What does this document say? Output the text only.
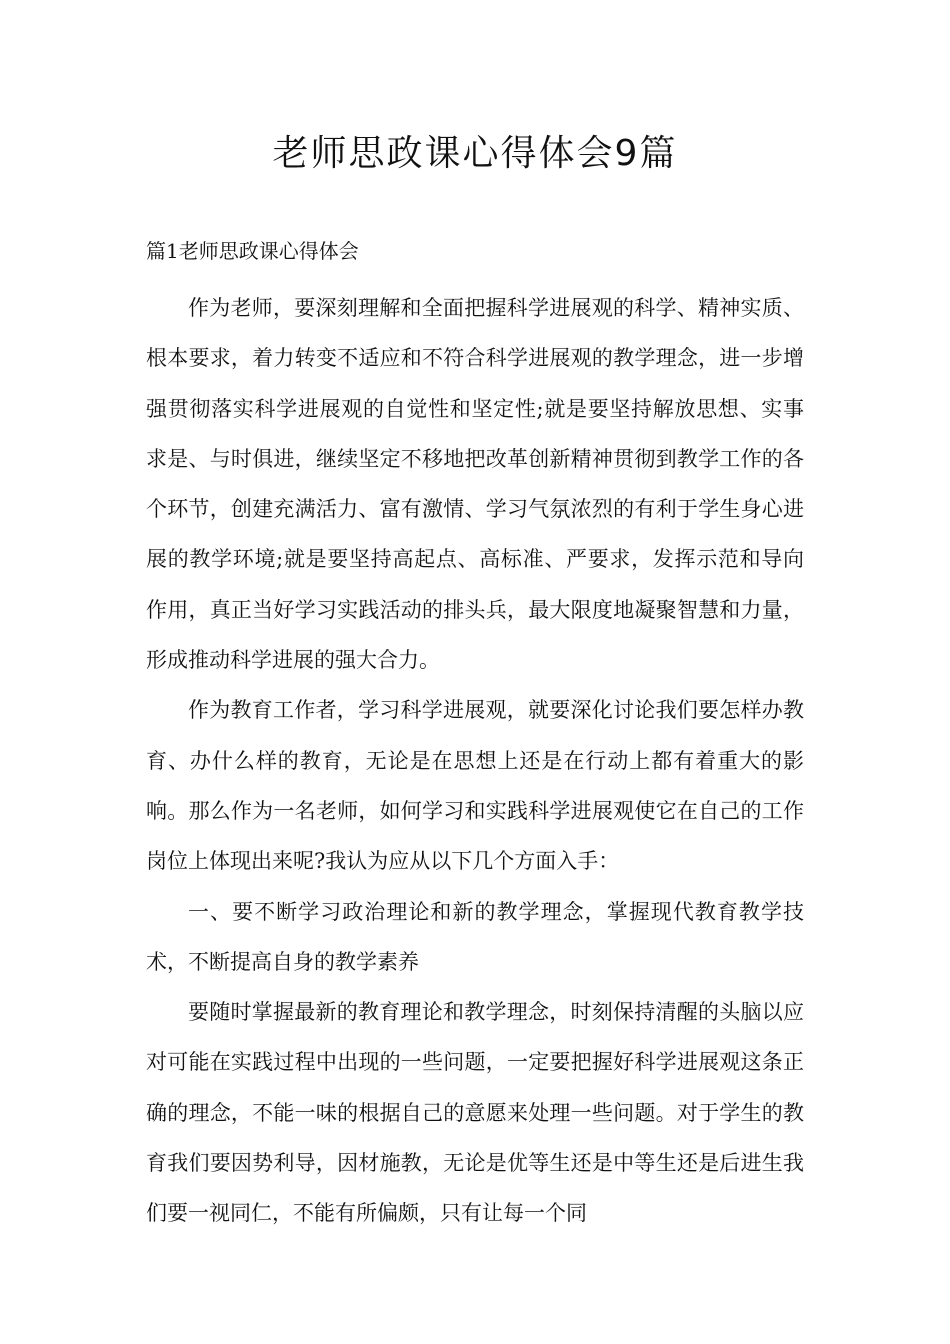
老师思政课心得体会9篇
篇1老师思政课心得体会

作为老师，要深刻理解和全面把握科学进展观的科学、精神实质、根本要求，着力转变不适应和不符合科学进展观的教学理念，进一步增强贯彻落实科学进展观的自觉性和坚定性;就是要坚持解放思想、实事求是、与时俱进，继续坚定不移地把改革创新精神贯彻到教学工作的各个环节，创建充满活力、富有激情、学习气氛浓烈的有利于学生身心进展的教学环境;就是要坚持高起点、高标准、严要求，发挥示范和导向作用，真正当好学习实践活动的排头兵，最大限度地凝聚智慧和力量，形成推动科学进展的强大合力。

作为教育工作者，学习科学进展观，就要深化讨论我们要怎样办教育、办什么样的教育，无论是在思想上还是在行动上都有着重大的影响。那么作为一名老师，如何学习和实践科学进展观使它在自己的工作岗位上体现出来呢?我认为应从以下几个方面入手：

一、要不断学习政治理论和新的教学理念，掌握现代教育教学技术，不断提高自身的教学素养

要随时掌握最新的教育理论和教学理念，时刻保持清醒的头脑以应对可能在实践过程中出现的一些问题，一定要把握好科学进展观这条正确的理念，不能一味的根据自己的意愿来处理一些问题。对于学生的教育我们要因势利导，因材施教，无论是优等生还是中等生还是后进生我们要一视同仁，不能有所偏颇，只有让每一个同
